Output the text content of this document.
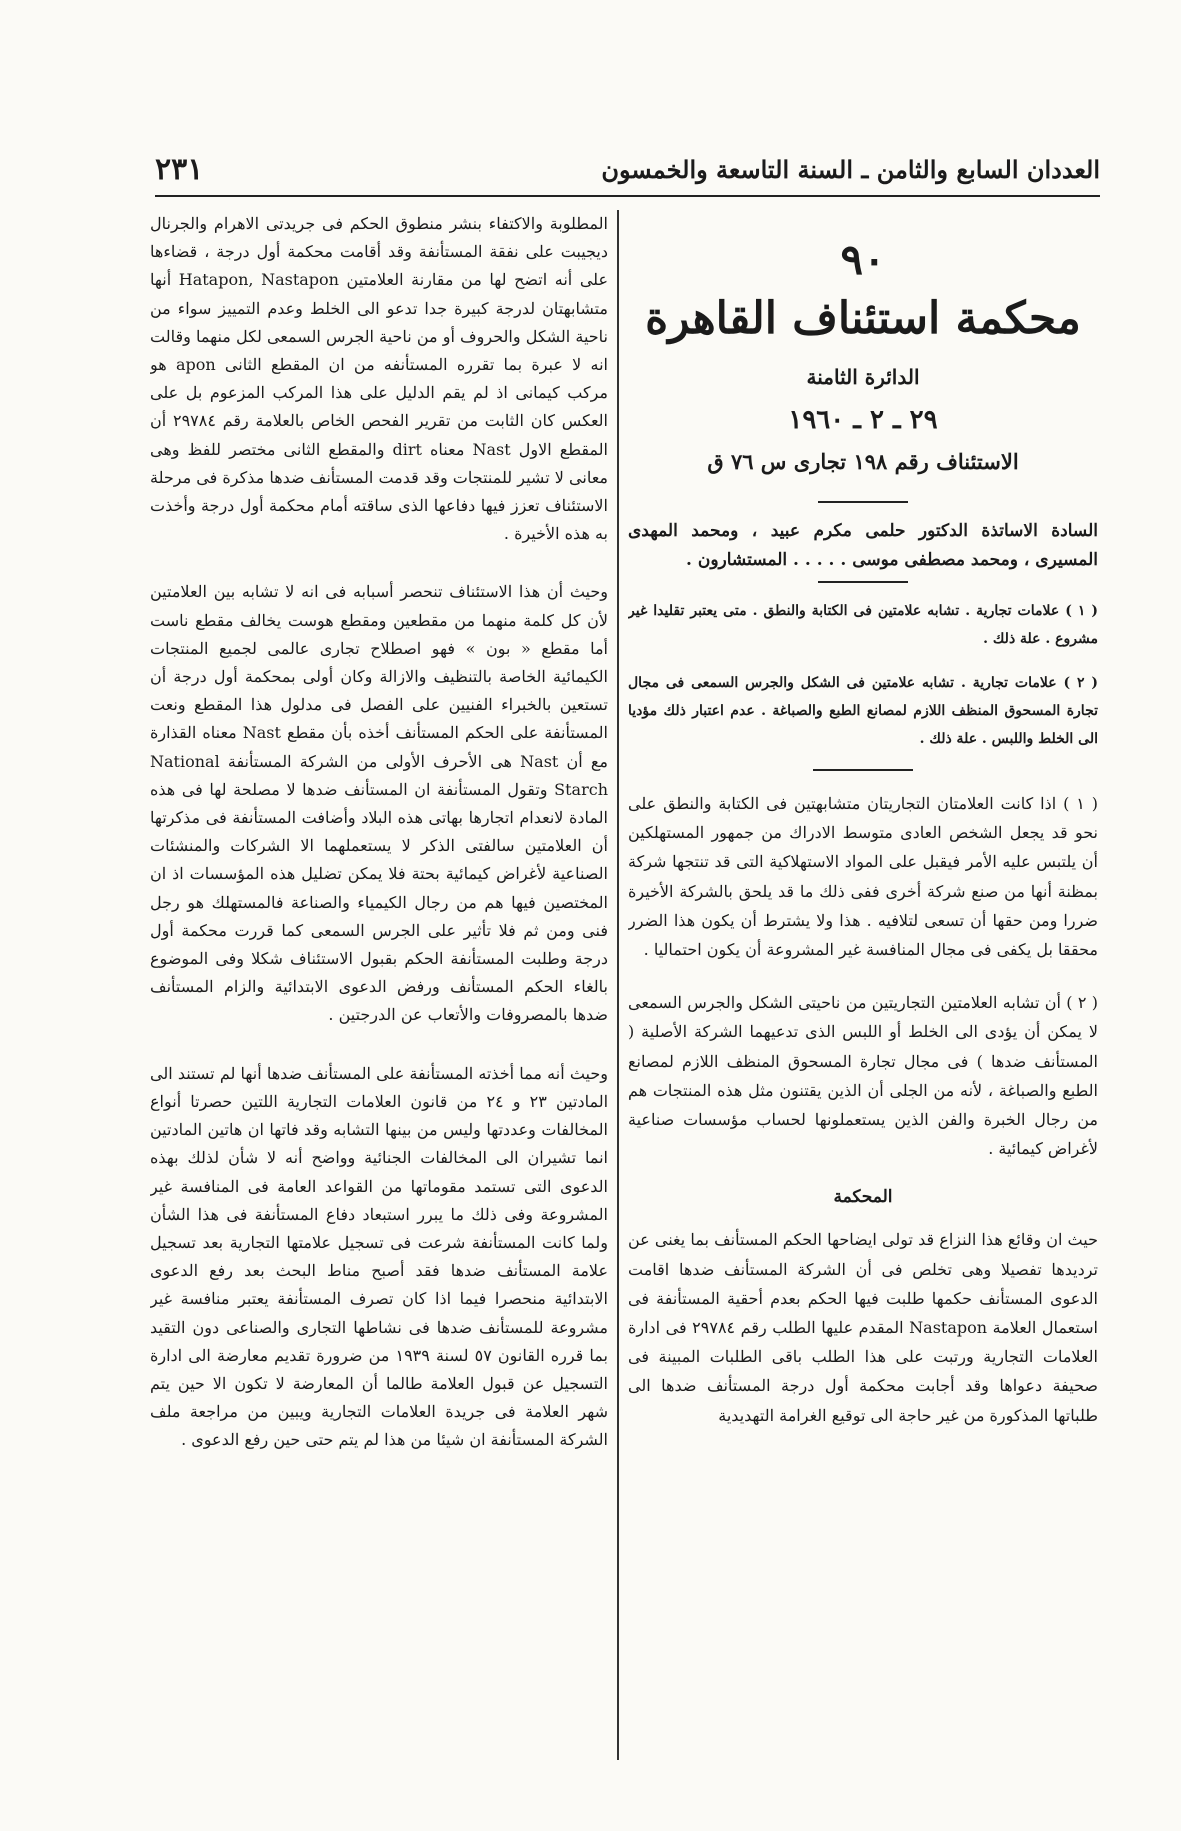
العددان السابع والثامن ـ السنة التاسعة والخمسون
٢٣١
٩٠
محكمة استئناف القاهرة
الدائرة الثامنة
٢٩ ـ ٢ ـ ١٩٦٠
الاستئناف رقم ١٩٨ تجارى س ٧٦ ق

السادة الاساتذة الدكتور حلمى مكرم عبيد ، ومحمد المهدى المسيرى ، ومحمد مصطفى موسى . . . . . المستشارون .

( ١ ) علامات تجارية . تشابه علامتين فى الكتابة والنطق . متى يعتبر تقليدا غير مشروع . علة ذلك .

( ٢ ) علامات تجارية . تشابه علامتين فى الشكل والجرس السمعى فى مجال تجارة المسحوق المنظف اللازم لمصانع الطبع والصباغة . عدم اعتبار ذلك مؤديا الى الخلط واللبس . علة ذلك .

( ١ ) اذا كانت العلامتان التجاريتان متشابهتين فى الكتابة والنطق على نحو قد يجعل الشخص العادى متوسط الادراك من جمهور المستهلكين أن يلتبس عليه الأمر فيقبل على المواد الاستهلاكية التى قد تنتجها شركة بمظنة أنها من صنع شركة أخرى ففى ذلك ما قد يلحق بالشركة الأخيرة ضررا ومن حقها أن تسعى لتلافيه . هذا ولا يشترط أن يكون هذا الضرر محققا بل يكفى فى مجال المنافسة غير المشروعة أن يكون احتماليا .

( ٢ ) أن تشابه العلامتين التجاريتين من ناحيتى الشكل والجرس السمعى لا يمكن أن يؤدى الى الخلط أو اللبس الذى تدعيهما الشركة الأصلية ( المستأنف ضدها ) فى مجال تجارة المسحوق المنظف اللازم لمصانع الطبع والصباغة ، لأنه من الجلى أن الذين يقتنون مثل هذه المنتجات هم من رجال الخبرة والفن الذين يستعملونها لحساب مؤسسات صناعية لأغراض كيمائية .

المحكمة

حيث ان وقائع هذا النزاع قد تولى ايضاحها الحكم المستأنف بما يغنى عن ترديدها تفصيلا وهى تخلص فى أن الشركة المستأنف ضدها اقامت الدعوى المستأنف حكمها طلبت فيها الحكم بعدم أحقية المستأنفة فى استعمال العلامة Nastapon المقدم عليها الطلب رقم ٢٩٧٨٤ فى ادارة العلامات التجارية ورتبت على هذا الطلب باقى الطلبات المبينة فى صحيفة دعواها وقد أجابت محكمة أول درجة المستأنف ضدها الى طلباتها المذكورة من غير حاجة الى توقيع الغرامة التهديدية

المطلوبة والاكتفاء بنشر منطوق الحكم فى جريدتى الاهرام والجرنال ديجيبت على نفقة المستأنفة وقد أقامت محكمة أول درجة ، قضاءها على أنه اتضح لها من مقارنة العلامتين Hatapon, Nastapon أنها متشابهتان لدرجة كبيرة جدا تدعو الى الخلط وعدم التمييز سواء من ناحية الشكل والحروف أو من ناحية الجرس السمعى لكل منهما وقالت انه لا عبرة بما تقرره المستأنفه من ان المقطع الثانى apon هو مركب كيمانى اذ لم يقم الدليل على هذا المركب المزعوم بل على العكس كان الثابت من تقرير الفحص الخاص بالعلامة رقم ٢٩٧٨٤ أن المقطع الاول Nast معناه dirt والمقطع الثانى مختصر للفظ وهى معانى لا تشير للمنتجات وقد قدمت المستأنف ضدها مذكرة فى مرحلة الاستئناف تعزز فيها دفاعها الذى ساقته أمام محكمة أول درجة وأخذت به هذه الأخيرة .

وحيث أن هذا الاستئناف تنحصر أسبابه فى انه لا تشابه بين العلامتين لأن كل كلمة منهما من مقطعين ومقطع هوست يخالف مقطع ناست أما مقطع « بون » فهو اصطلاح تجارى عالمى لجميع المنتجات الكيمائية الخاصة بالتنظيف والازالة وكان أولى بمحكمة أول درجة أن تستعين بالخبراء الفنيين على الفصل فى مدلول هذا المقطع ونعت المستأنفة على الحكم المستأنف أخذه بأن مقطع Nast معناه القذارة مع أن Nast هى الأحرف الأولى من الشركة المستأنفة National Starch وتقول المستأنفة ان المستأنف ضدها لا مصلحة لها فى هذه المادة لانعدام اتجارها بهاتى هذه البلاد وأضافت المستأنفة فى مذكرتها أن العلامتين سالفتى الذكر لا يستعملهما الا الشركات والمنشئات الصناعية لأغراض كيمائية بحتة فلا يمكن تضليل هذه المؤسسات اذ ان المختصين فيها هم من رجال الكيمياء والصناعة فالمستهلك هو رجل فنى ومن ثم فلا تأثير على الجرس السمعى كما قررت محكمة أول درجة وطلبت المستأنفة الحكم بقبول الاستئناف شكلا وفى الموضوع بالغاء الحكم المستأنف ورفض الدعوى الابتدائية والزام المستأنف ضدها بالمصروفات والأتعاب عن الدرجتين .

وحيث أنه مما أخذته المستأنفة على المستأنف ضدها أنها لم تستند الى المادتين ٢٣ و ٢٤ من قانون العلامات التجارية اللتين حصرتا أنواع المخالفات وعددتها وليس من بينها التشابه وقد فاتها ان هاتين المادتين انما تشيران الى المخالفات الجنائية وواضح أنه لا شأن لذلك بهذه الدعوى التى تستمد مقوماتها من القواعد العامة فى المنافسة غير المشروعة وفى ذلك ما يبرر استبعاد دفاع المستأنفة فى هذا الشأن ولما كانت المستأنفة شرعت فى تسجيل علامتها التجارية بعد تسجيل علامة المستأنف ضدها فقد أصبح مناط البحث بعد رفع الدعوى الابتدائية منحصرا فيما اذا كان تصرف المستأنفة يعتبر منافسة غير مشروعة للمستأنف ضدها فى نشاطها التجارى والصناعى دون التقيد بما قرره القانون ٥٧ لسنة ١٩٣٩ من ضرورة تقديم معارضة الى ادارة التسجيل عن قبول العلامة طالما أن المعارضة لا تكون الا حين يتم شهر العلامة فى جريدة العلامات التجارية ويبين من مراجعة ملف الشركة المستأنفة ان شيئا من هذا لم يتم حتى حين رفع الدعوى .
